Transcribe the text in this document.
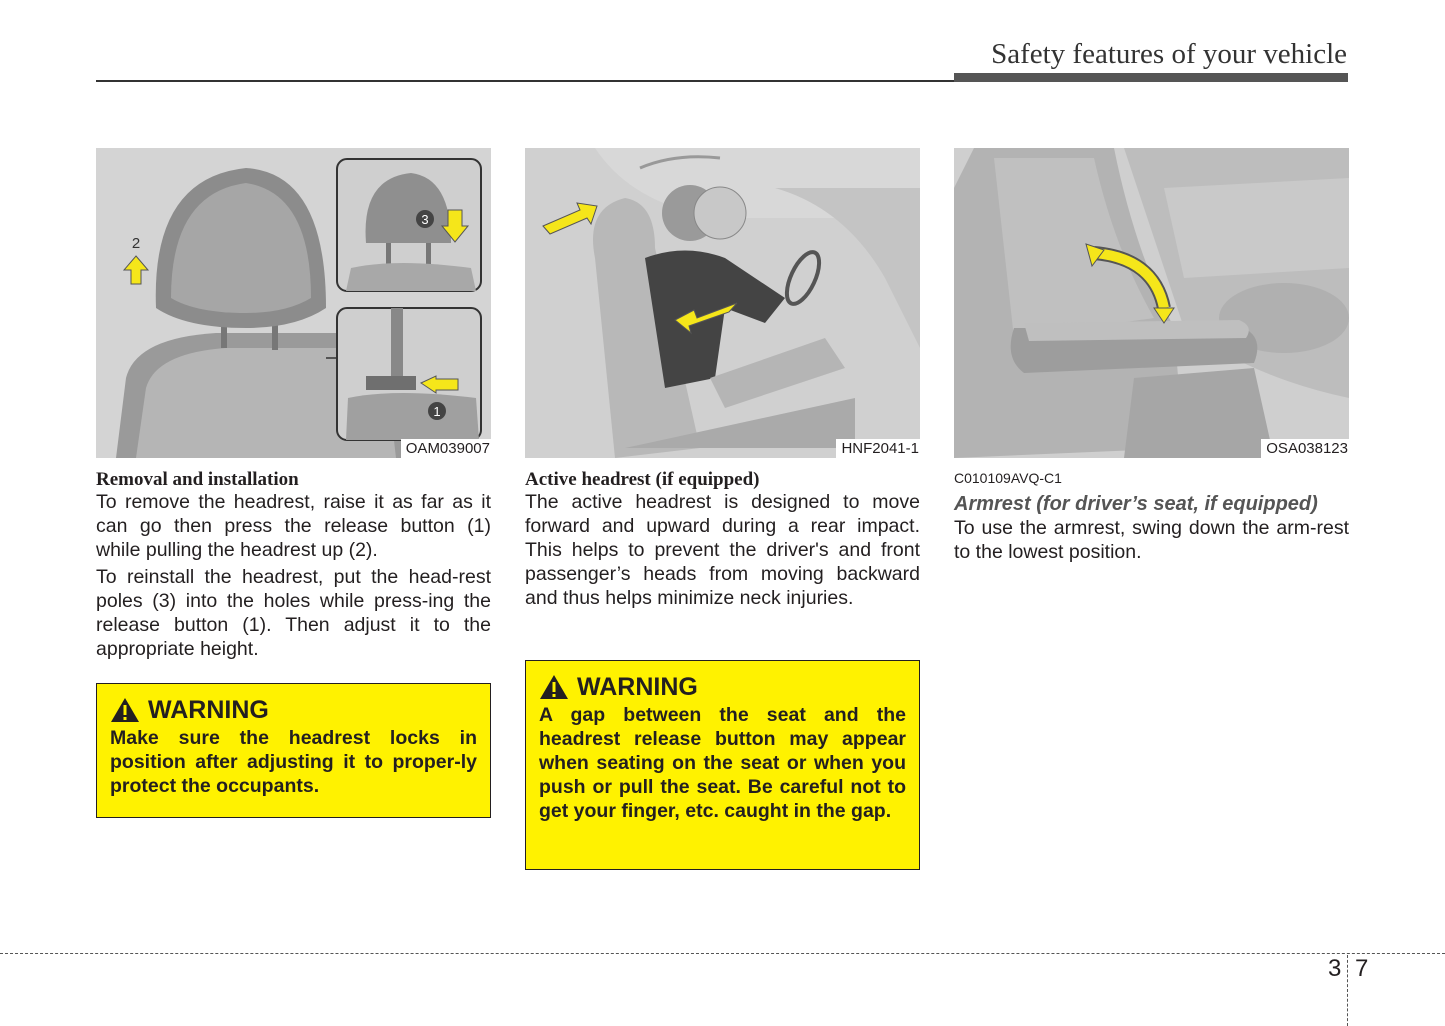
Safety features of your vehicle
2
3
1
OAM039007
Removal and installation

To remove the headrest, raise it as far as it can go then press the release button (1) while pulling the headrest up (2).

To reinstall the headrest, put the head-rest poles (3) into the holes while press-ing the release button (1). Then adjust it to the appropriate height.

WARNING
Make sure the headrest locks in position after adjusting it to proper-ly protect the occupants.
HNF2041-1
Active headrest (if equipped)

The active headrest is designed to move forward and upward during a rear impact. This helps to prevent the driver's and front passenger’s heads from moving backward and thus helps minimize neck injuries.

WARNING
A gap between the seat and the headrest release button may appear when seating on the seat or when you push or pull the seat. Be careful not to get your finger, etc. caught in the gap.
OSA038123
C010109AVQ-C1
Armrest (for driver’s seat, if equipped)

To use the armrest, swing down the arm-rest to the lowest position.

3 7
